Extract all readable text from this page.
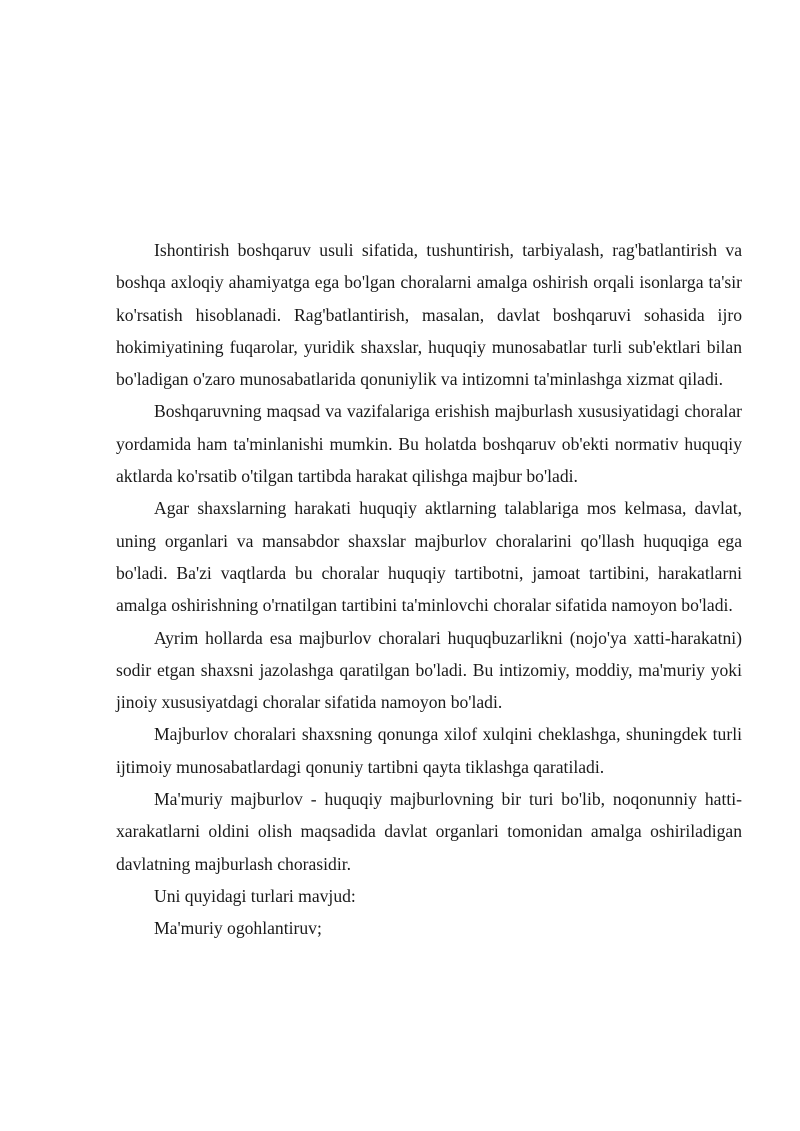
Ishontirish boshqaruv usuli sifatida, tushuntirish, tarbiyalash, rag'batlantirish va boshqa axloqiy ahamiyatga ega bo'lgan choralarni amalga oshirish orqali isonlarga ta'sir ko'rsatish hisoblanadi. Rag'batlantirish, masalan, davlat boshqaruvi sohasida ijro hokimiyatining fuqarolar, yuridik shaxslar, huquqiy munosabatlar turli sub'ektlari bilan bo'ladigan o'zaro munosabatlarida qonuniylik va intizomni ta'minlashga xizmat qiladi.

Boshqaruvning maqsad va vazifalariga erishish majburlash xususiyatidagi choralar yordamida ham ta'minlanishi mumkin. Bu holatda boshqaruv ob'ekti normativ huquqiy aktlarda ko'rsatib o'tilgan tartibda harakat qilishga majbur bo'ladi.

Agar shaxslarning harakati huquqiy aktlarning talablariga mos kelmasa, davlat, uning organlari va mansabdor shaxslar majburlov choralarini qo'llash huquqiga ega bo'ladi. Ba'zi vaqtlarda bu choralar huquqiy tartibotni, jamoat tartibini, harakatlarni amalga oshirishning o'rnatilgan tartibini ta'minlovchi choralar sifatida namoyon bo'ladi.

Ayrim hollarda esa majburlov choralari huquqbuzarlikni (nojo'ya xatti-harakatni) sodir etgan shaxsni jazolashga qaratilgan bo'ladi. Bu intizomiy, moddiy, ma'muriy yoki jinoiy xususiyatdagi choralar sifatida namoyon bo'ladi.

Majburlov choralari shaxsning qonunga xilof xulqini cheklashga, shuningdek turli ijtimoiy munosabatlardagi qonuniy tartibni qayta tiklashga qaratiladi.

Ma'muriy majburlov - huquqiy majburlovning bir turi bo'lib, noqonunniy hatti-xarakatlarni oldini olish maqsadida davlat organlari tomonidan amalga oshiriladigan davlatning majburlash chorasidir.

Uni quyidagi turlari mavjud:

Ma'muriy ogohlantiruv;
